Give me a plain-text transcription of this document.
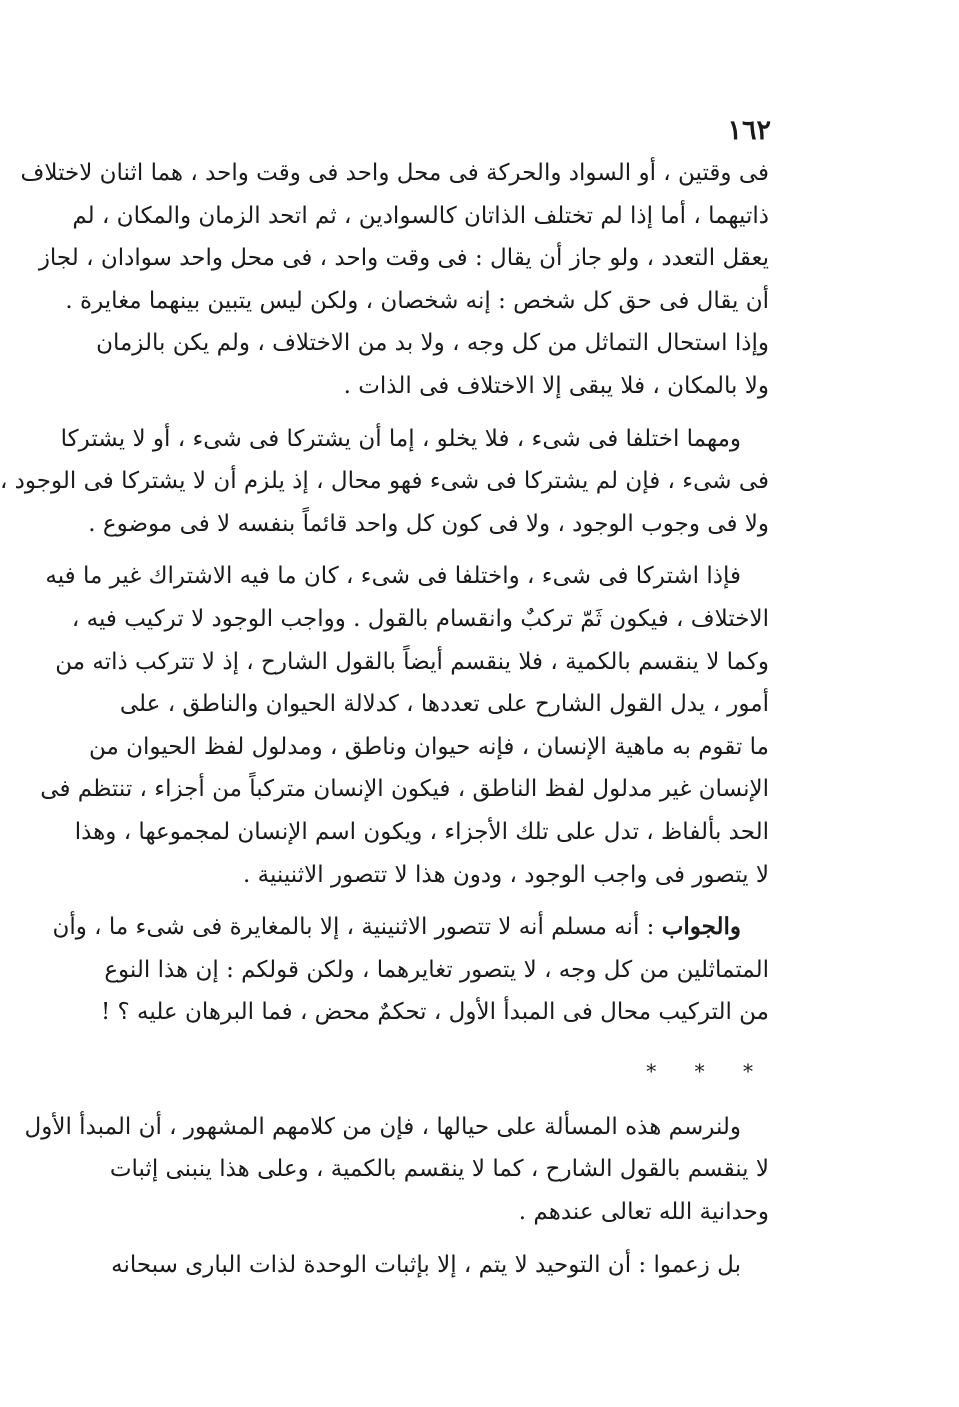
١٦٢
فى وقتين ، أو السواد والحركة فى محل واحد فى وقت واحد ، هما اثنان لاختلاف
ذاتيهما ، أما إذا لم تختلف الذاتان كالسوادين ، ثم اتحد الزمان والمكان ، لم
يعقل التعدد ، ولو جاز أن يقال : فى وقت واحد ، فى محل واحد سوادان ، لجاز
أن يقال فى حق كل شخص : إنه شخصان ، ولكن ليس يتبين بينهما مغايرة .
وإذا استحال التماثل من كل وجه ، ولا بد من الاختلاف ، ولم يكن بالزمان
ولا بالمكان ، فلا يبقى إلا الاختلاف فى الذات .
ومهما اختلفا فى شىء ، فلا يخلو ، إما أن يشتركا فى شىء ، أو لا يشتركا
فى شىء ، فإن لم يشتركا فى شىء فهو محال ، إذ يلزم أن لا يشتركا فى الوجود ،
ولا فى وجوب الوجود ، ولا فى كون كل واحد قائماً بنفسه لا فى موضوع .
فإذا اشتركا فى شىء ، واختلفا فى شىء ، كان ما فيه الاشتراك غير ما فيه
الاختلاف ، فيكون ثَمّ تركبٌ وانقسام بالقول . وواجب الوجود لا تركيب فيه ،
وكما لا ينقسم بالكمية ، فلا ينقسم أيضاً بالقول الشارح ، إذ لا تتركب ذاته من
أمور ، يدل القول الشارح على تعددها ، كدلالة الحيوان والناطق ، على
ما تقوم به ماهية الإنسان ، فإنه حيوان وناطق ، ومدلول لفظ الحيوان من
الإنسان غير مدلول لفظ الناطق ، فيكون الإنسان متركباً من أجزاء ، تنتظم فى
الحد بألفاظ ، تدل على تلك الأجزاء ، ويكون اسم الإنسان لمجموعها ، وهذا
لا يتصور فى واجب الوجود ، ودون هذا لا تتصور الاثنينية .
والجواب : أنه مسلم أنه لا تتصور الاثنينية ، إلا بالمغايرة فى شىء ما ، وأن
المتماثلين من كل وجه ، لا يتصور تغايرهما ، ولكن قولكم : إن هذا النوع
من التركيب محال فى المبدأ الأول ، تحكمٌ محض ، فما البرهان عليه ؟ !
* * *
ولنرسم هذه المسألة على حيالها ، فإن من كلامهم المشهور ، أن المبدأ الأول
لا ينقسم بالقول الشارح ، كما لا ينقسم بالكمية ، وعلى هذا ينبنى إثبات
وحدانية الله تعالى عندهم .
بل زعموا : أن التوحيد لا يتم ، إلا بإثبات الوحدة لذات البارى سبحانه
